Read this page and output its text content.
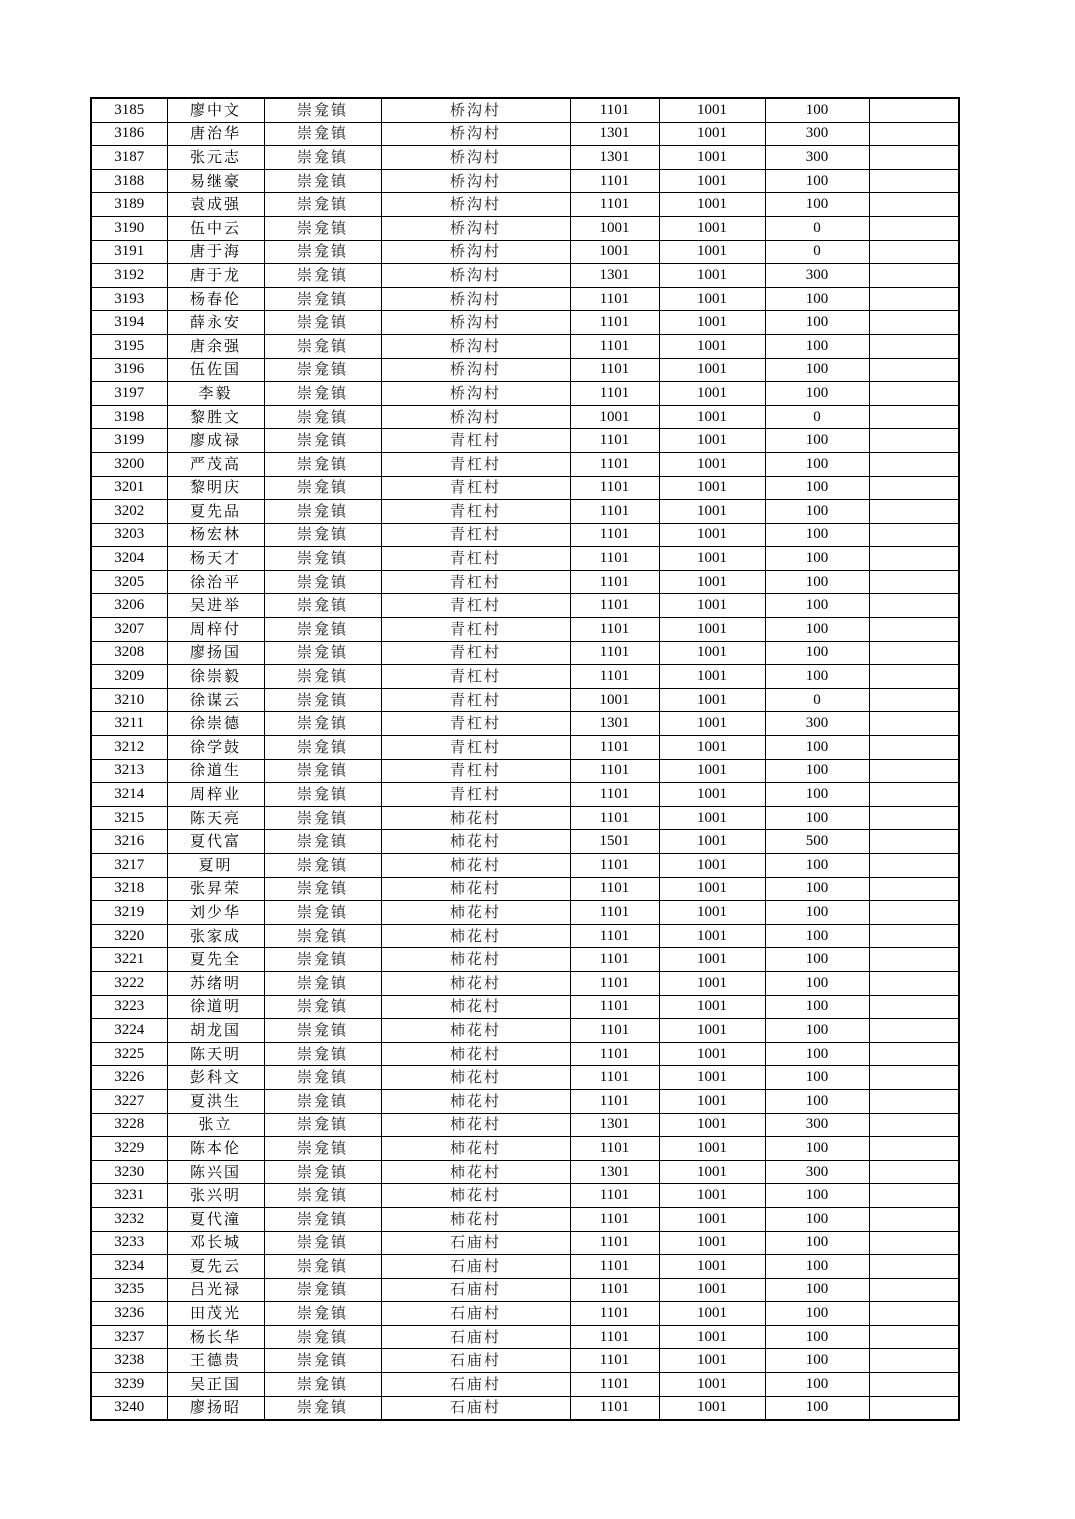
3185	廖中文	崇龛镇	桥沟村	1101	1001	100	
3186	唐治华	崇龛镇	桥沟村	1301	1001	300	
3187	张元志	崇龛镇	桥沟村	1301	1001	300	
3188	易继豪	崇龛镇	桥沟村	1101	1001	100	
3189	袁成强	崇龛镇	桥沟村	1101	1001	100	
3190	伍中云	崇龛镇	桥沟村	1001	1001	0	
3191	唐于海	崇龛镇	桥沟村	1001	1001	0	
3192	唐于龙	崇龛镇	桥沟村	1301	1001	300	
3193	杨春伦	崇龛镇	桥沟村	1101	1001	100	
3194	薛永安	崇龛镇	桥沟村	1101	1001	100	
3195	唐余强	崇龛镇	桥沟村	1101	1001	100	
3196	伍佐国	崇龛镇	桥沟村	1101	1001	100	
3197	李毅	崇龛镇	桥沟村	1101	1001	100	
3198	黎胜文	崇龛镇	桥沟村	1001	1001	0	
3199	廖成禄	崇龛镇	青杠村	1101	1001	100	
3200	严茂高	崇龛镇	青杠村	1101	1001	100	
3201	黎明庆	崇龛镇	青杠村	1101	1001	100	
3202	夏先品	崇龛镇	青杠村	1101	1001	100	
3203	杨宏林	崇龛镇	青杠村	1101	1001	100	
3204	杨天才	崇龛镇	青杠村	1101	1001	100	
3205	徐治平	崇龛镇	青杠村	1101	1001	100	
3206	吴进举	崇龛镇	青杠村	1101	1001	100	
3207	周梓付	崇龛镇	青杠村	1101	1001	100	
3208	廖扬国	崇龛镇	青杠村	1101	1001	100	
3209	徐崇毅	崇龛镇	青杠村	1101	1001	100	
3210	徐谋云	崇龛镇	青杠村	1001	1001	0	
3211	徐崇德	崇龛镇	青杠村	1301	1001	300	
3212	徐学鼓	崇龛镇	青杠村	1101	1001	100	
3213	徐道生	崇龛镇	青杠村	1101	1001	100	
3214	周梓业	崇龛镇	青杠村	1101	1001	100	
3215	陈天亮	崇龛镇	柿花村	1101	1001	100	
3216	夏代富	崇龛镇	柿花村	1501	1001	500	
3217	夏明	崇龛镇	柿花村	1101	1001	100	
3218	张昇荣	崇龛镇	柿花村	1101	1001	100	
3219	刘少华	崇龛镇	柿花村	1101	1001	100	
3220	张家成	崇龛镇	柿花村	1101	1001	100	
3221	夏先全	崇龛镇	柿花村	1101	1001	100	
3222	苏绪明	崇龛镇	柿花村	1101	1001	100	
3223	徐道明	崇龛镇	柿花村	1101	1001	100	
3224	胡龙国	崇龛镇	柿花村	1101	1001	100	
3225	陈天明	崇龛镇	柿花村	1101	1001	100	
3226	彭科文	崇龛镇	柿花村	1101	1001	100	
3227	夏洪生	崇龛镇	柿花村	1101	1001	100	
3228	张立	崇龛镇	柿花村	1301	1001	300	
3229	陈本伦	崇龛镇	柿花村	1101	1001	100	
3230	陈兴国	崇龛镇	柿花村	1301	1001	300	
3231	张兴明	崇龛镇	柿花村	1101	1001	100	
3232	夏代潼	崇龛镇	柿花村	1101	1001	100	
3233	邓长城	崇龛镇	石庙村	1101	1001	100	
3234	夏先云	崇龛镇	石庙村	1101	1001	100	
3235	吕光禄	崇龛镇	石庙村	1101	1001	100	
3236	田茂光	崇龛镇	石庙村	1101	1001	100	
3237	杨长华	崇龛镇	石庙村	1101	1001	100	
3238	王德贵	崇龛镇	石庙村	1101	1001	100	
3239	吴正国	崇龛镇	石庙村	1101	1001	100	
3240	廖扬昭	崇龛镇	石庙村	1101	1001	100	
